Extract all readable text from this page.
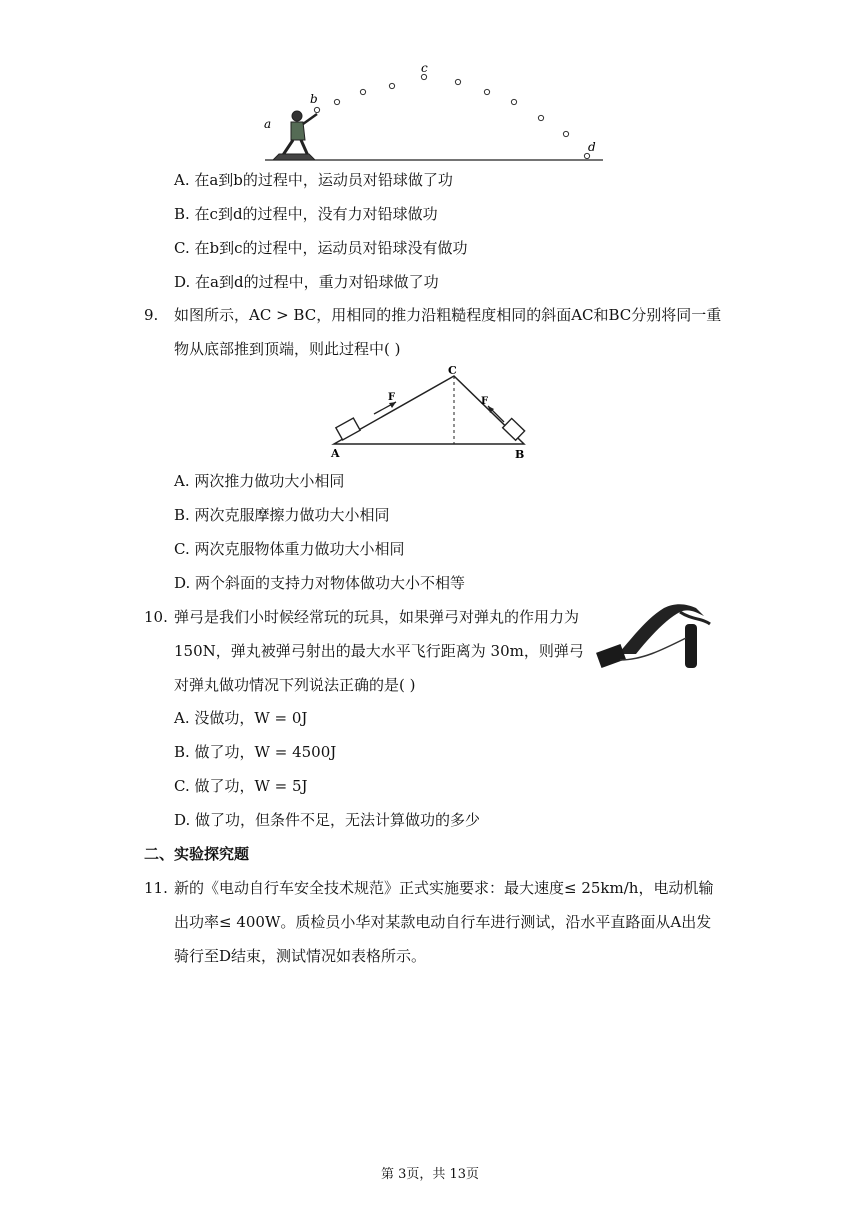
a
b
c
d
A. 在a到b的过程中，运动员对铅球做了功
B. 在c到d的过程中，没有力对铅球做功
C. 在b到c的过程中，运动员对铅球没有做功
D. 在a到d的过程中，重力对铅球做了功
9. 如图所示，AC > BC，用相同的推力沿粗糙程度相同的斜面AC和BC分别将同一重
物从底部推到顶端，则此过程中( )
C
A	B
F	F
A. 两次推力做功大小相同
B. 两次克服摩擦力做功大小相同
C. 两次克服物体重力做功大小相同
D. 两个斜面的支持力对物体做功大小不相等
10. 弹弓是我们小时候经常玩的玩具，如果弹弓对弹丸的作用力为
150N，弹丸被弹弓射出的最大水平飞行距离为 30m，则弹弓
对弹丸做功情况下列说法正确的是( )
A. 没做功，W = 0J
B. 做了功，W = 4500J
C. 做了功，W = 5J
D. 做了功，但条件不足，无法计算做功的多少
二、实验探究题
11. 新的《电动自行车安全技术规范》正式实施要求：最大速度≤ 25km/h，电动机输
出功率≤ 400W。质检员小华对某款电动自行车进行测试，沿水平直路面从A出发
骑行至D结束，测试情况如表格所示。
第 3页，共 13页
